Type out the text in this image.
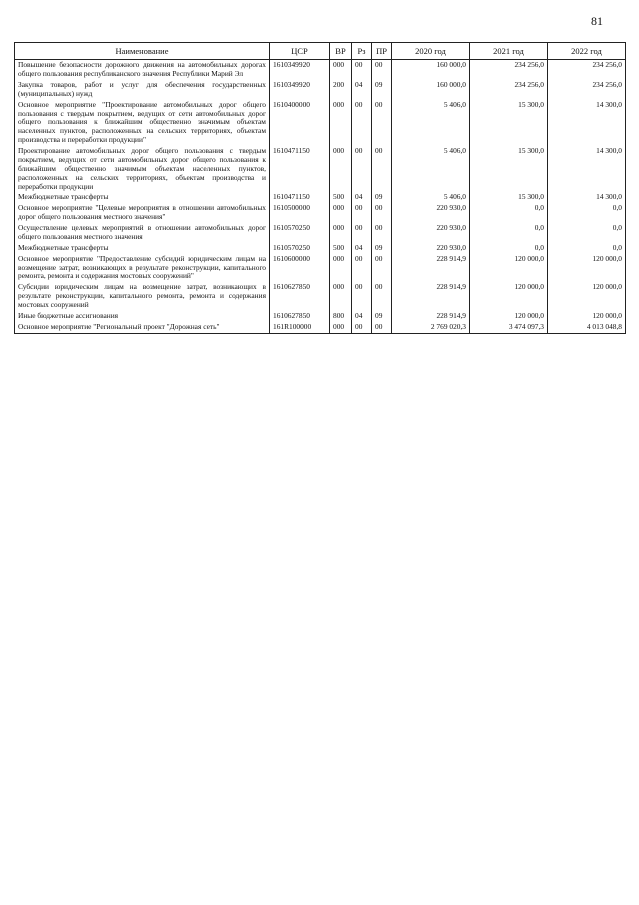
81
Наименование	ЦСР	ВР	Рз	ПР	2020 год	2021 год	2022 год
Повышение безопасности дорожного движения на автомобильных дорогах общего пользования республиканского значения Республики Марий Эл	1610349920	000	00	00	160 000,0	234 256,0	234 256,0
Закупка товаров, работ и услуг для обеспечения государственных (муниципальных) нужд	1610349920	200	04	09	160 000,0	234 256,0	234 256,0
Основное мероприятие "Проектирование автомобильных дорог общего пользования с твердым покрытием, ведущих от сети автомобильных дорог общего пользования к ближайшим общественно значимым объектам населенных пунктов, расположенных на сельских территориях, объектам производства и переработки продукции"	1610400000	000	00	00	5 406,0	15 300,0	14 300,0
Проектирование автомобильных дорог общего пользования с твердым покрытием, ведущих от сети автомобильных дорог общего пользования к ближайшим общественно значимым объектам населенных пунктов, расположенных на сельских территориях, объектам производства и переработки продукции	1610471150	000	00	00	5 406,0	15 300,0	14 300,0
Межбюджетные трансферты	1610471150	500	04	09	5 406,0	15 300,0	14 300,0
Основное мероприятие "Целевые мероприятия в отношении автомобильных дорог общего пользования местного значения"	1610500000	000	00	00	220 930,0	0,0	0,0
Осуществление целевых мероприятий в отношении автомобильных дорог общего пользования местного значения	1610570250	000	00	00	220 930,0	0,0	0,0
Межбюджетные трансферты	1610570250	500	04	09	220 930,0	0,0	0,0
Основное мероприятие "Предоставление субсидий юридическим лицам на возмещение затрат, возникающих в результате реконструкции, капитального ремонта, ремонта и содержания мостовых сооружений"	1610600000	000	00	00	228 914,9	120 000,0	120 000,0
Субсидии юридическим лицам на возмещение затрат, возникающих в результате реконструкции, капитального ремонта, ремонта и содержания мостовых сооружений	1610627850	000	00	00	228 914,9	120 000,0	120 000,0
Иные бюджетные ассигнования	1610627850	800	04	09	228 914,9	120 000,0	120 000,0
Основное мероприятие "Региональный проект "Дорожная сеть"	161R100000	000	00	00	2 769 020,3	3 474 097,3	4 013 048,8
